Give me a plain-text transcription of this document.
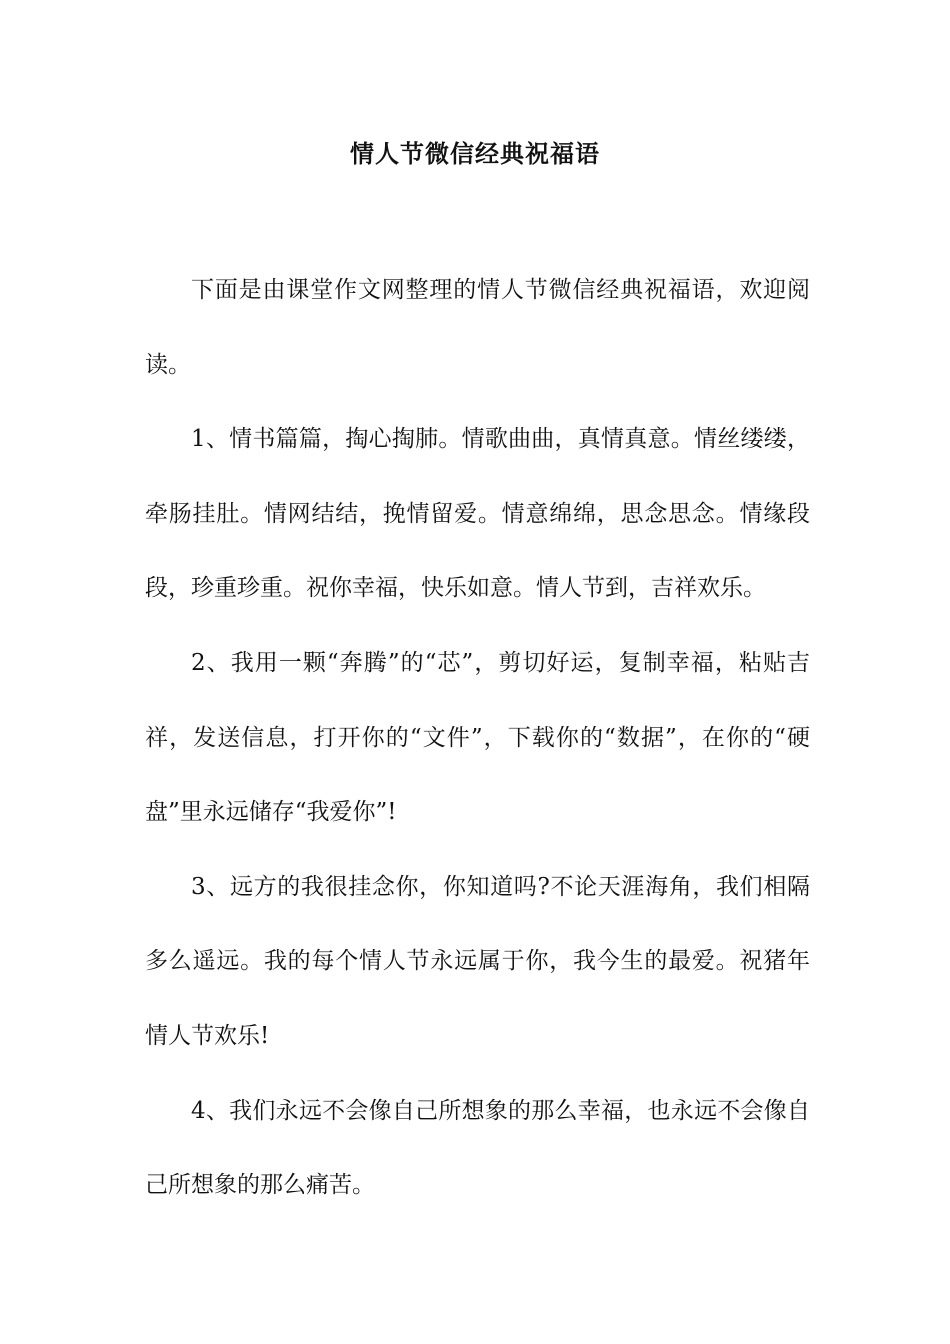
情人节微信经典祝福语

下面是由课堂作文网整理的情人节微信经典祝福语，欢迎阅读。

1、情书篇篇，掏心掏肺。情歌曲曲，真情真意。情丝缕缕，牵肠挂肚。情网结结，挽情留爱。情意绵绵，思念思念。情缘段段，珍重珍重。祝你幸福，快乐如意。情人节到，吉祥欢乐。

2、我用一颗“奔腾”的“芯”，剪切好运，复制幸福，粘贴吉祥，发送信息，打开你的“文件”，下载你的“数据”，在你的“硬盘”里永远储存“我爱你”!

3、远方的我很挂念你，你知道吗?不论天涯海角，我们相隔多么遥远。我的每个情人节永远属于你，我今生的最爱。祝猪年情人节欢乐!

4、我们永远不会像自己所想象的那么幸福，也永远不会像自己所想象的那么痛苦。
